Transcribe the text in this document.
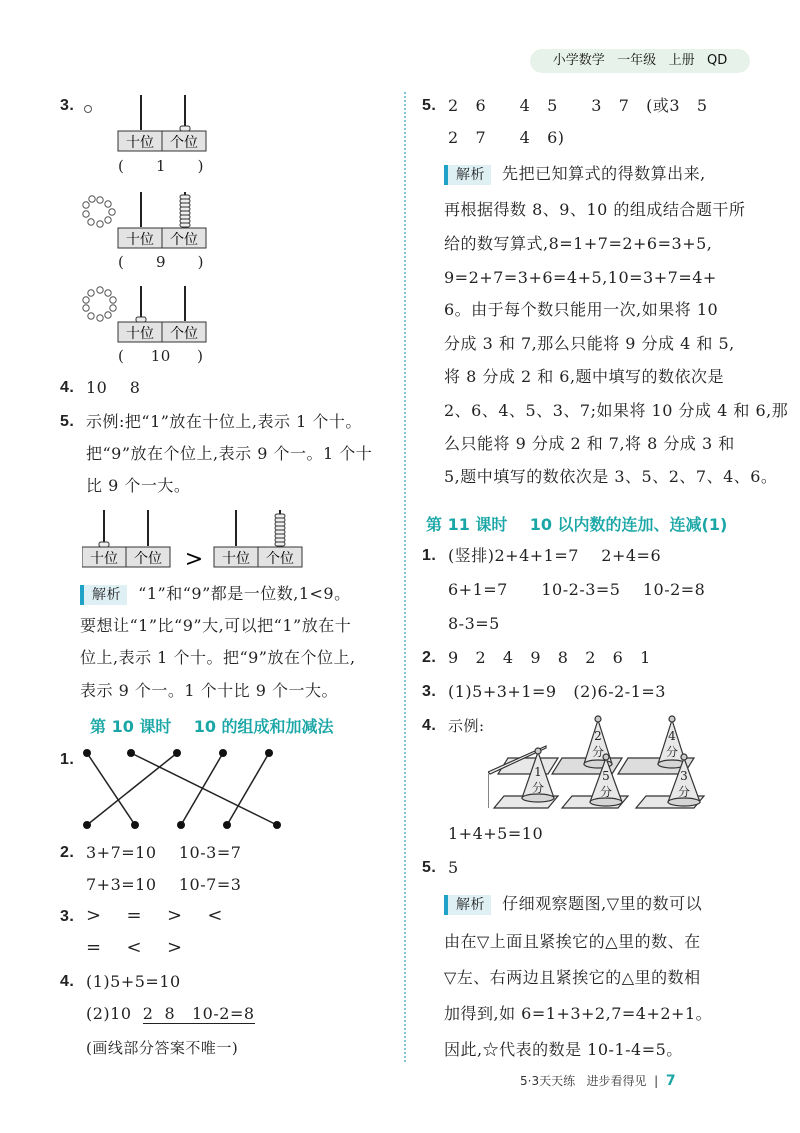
小学数学   一年级   上册   QD
3.
十位 个位
(      1      )
十位 个位
(      9      )
十位 个位
(     10     )
4. 10    8
5. 示例:把“1”放在十位上,表示 1 个十。
把“9”放在个位上,表示 9 个一。1 个十
比 9 个一大。
十位 个位 > 十位 个位
解析 “1”和“9”都是一位数,1<9。
要想让“1”比“9”大,可以把“1”放在十
位上,表示 1 个十。把“9”放在个位上,
表示 9 个一。1 个十比 9 个一大。
第 10 课时    10 的组成和加减法
1.
2. 3+7=10    10-3=7
7+3=10    10-7=3
3. >    =    >    <
=    <    >
4. (1)5+5=10
(2)10  2  8   10-2=8
(画线部分答案不唯一)
5. 2   6      4   5      3   7   (或3   5
2   7      4   6)
解析 先把已知算式的得数算出来,
再根据得数 8、9、10 的组成结合题干所
给的数写算式,8=1+7=2+6=3+5,
9=2+7=3+6=4+5,10=3+7=4+
6。由于每个数只能用一次,如果将 10
分成 3 和 7,那么只能将 9 分成 4 和 5,
将 8 分成 2 和 6,题中填写的数依次是
2、6、4、5、3、7;如果将 10 分成 4 和 6,那
么只能将 9 分成 2 和 7,将 8 分成 3 和
5,题中填写的数依次是 3、5、2、7、4、6。
第 11 课时    10 以内数的连加、连减(1)
1. (竖排)2+4+1=7    2+4=6
6+1=7      10-2-3=5    10-2=8
8-3=5
2. 9   2   4   9   8   2   6   1
3. (1)5+3+1=9   (2)6-2-1=3
4. 示例:
2
分
4
分
1
分
5
分
3
分
1+4+5=10
5. 5
解析 仔细观察题图,▽里的数可以
由在▽上面且紧挨它的△里的数、在
▽左、右两边且紧挨它的△里的数相
加得到,如 6=1+3+2,7=4+2+1。
因此,☆代表的数是 10-1-4=5。
5·3天天练   进步看得见  | 7
